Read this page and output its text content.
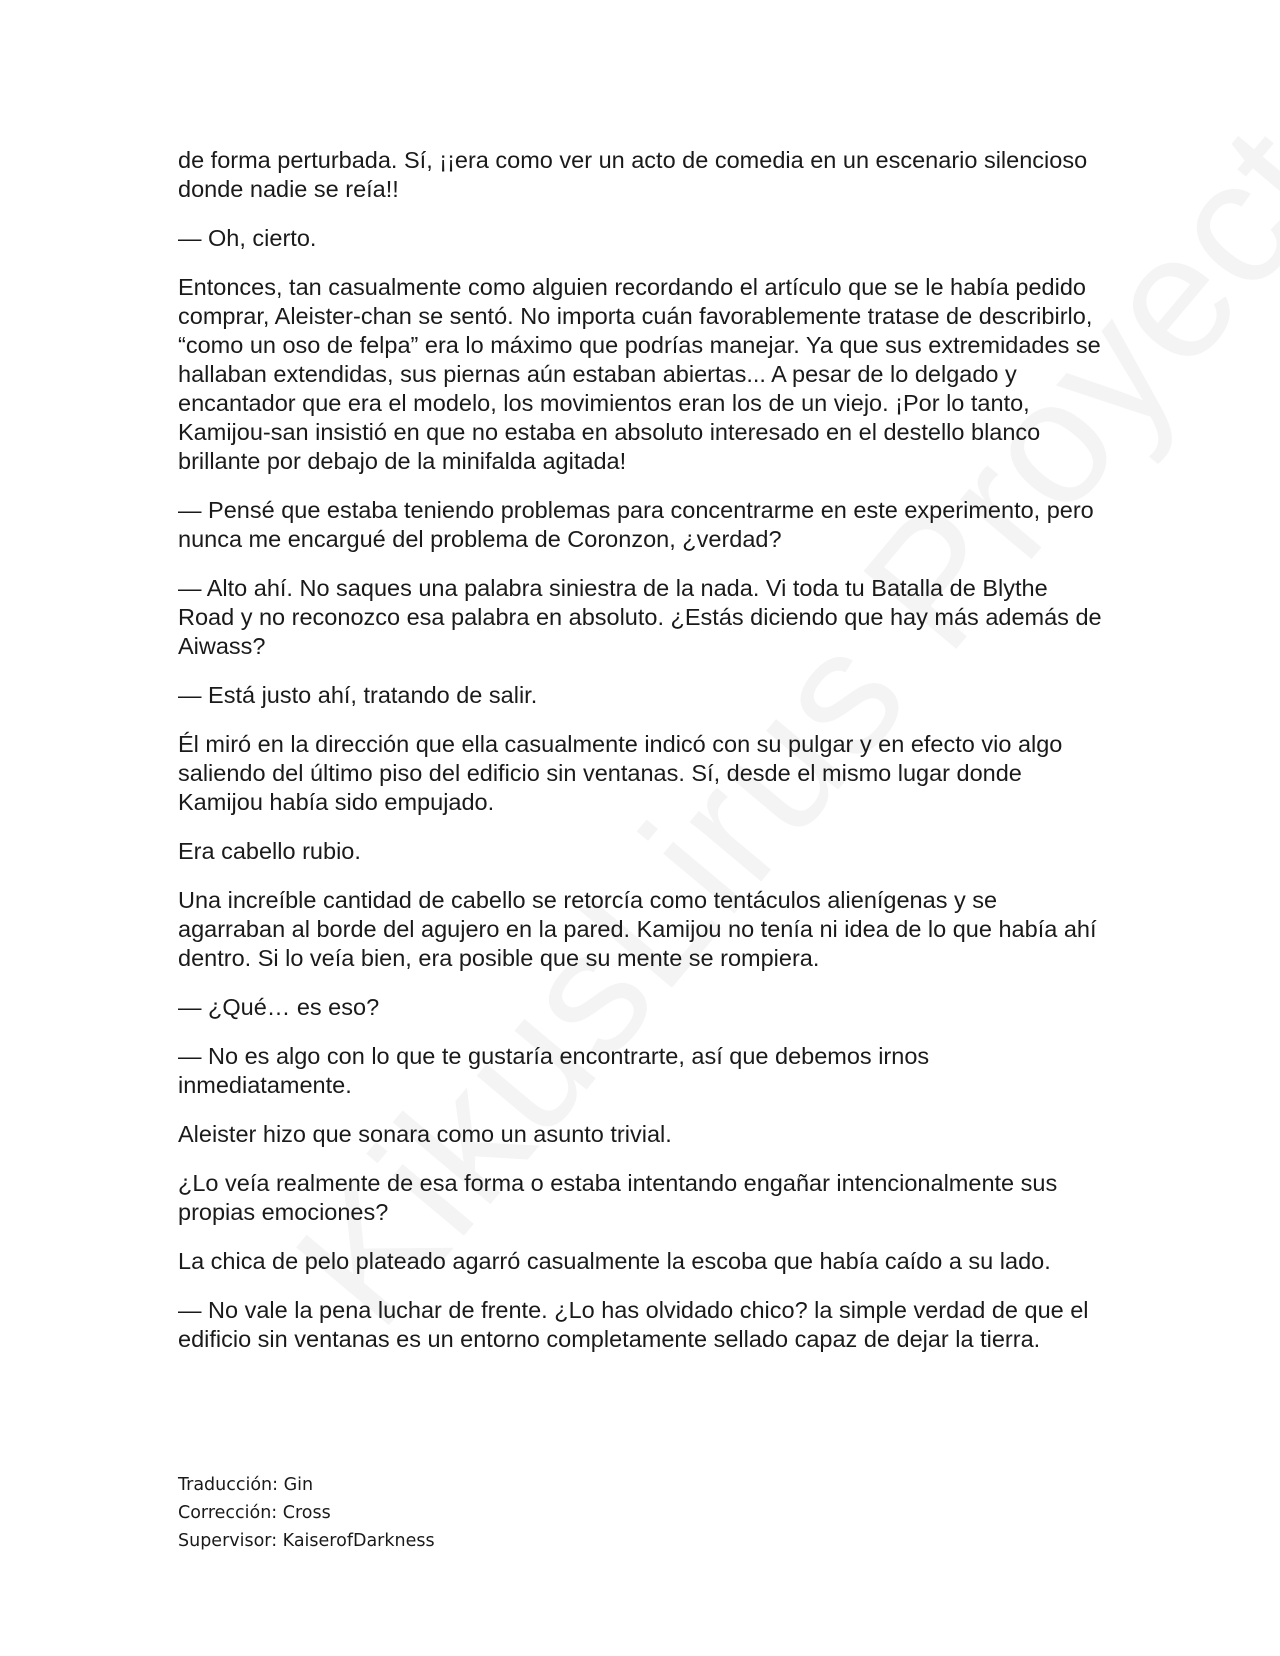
de forma perturbada. Sí, ¡¡era como ver un acto de comedia en un escenario silencioso donde nadie se reía!!

— Oh, cierto.

Entonces, tan casualmente como alguien recordando el artículo que se le había pedido comprar, Aleister-chan se sentó. No importa cuán favorablemente tratase de describirlo, “como un oso de felpa” era lo máximo que podrías manejar. Ya que sus extremidades se hallaban extendidas, sus piernas aún estaban abiertas... A pesar de lo delgado y encantador que era el modelo, los movimientos eran los de un viejo. ¡Por lo tanto, Kamijou-san insistió en que no estaba en absoluto interesado en el destello blanco brillante por debajo de la minifalda agitada!

— Pensé que estaba teniendo problemas para concentrarme en este experimento, pero nunca me encargué del problema de Coronzon, ¿verdad?

— Alto ahí. No saques una palabra siniestra de la nada. Vi toda tu Batalla de Blythe Road y no reconozco esa palabra en absoluto. ¿Estás diciendo que hay más además de Aiwass?

— Está justo ahí, tratando de salir.

Él miró en la dirección que ella casualmente indicó con su pulgar y en efecto vio algo saliendo del último piso del edificio sin ventanas. Sí, desde el mismo lugar donde Kamijou había sido empujado.

Era cabello rubio.

Una increíble cantidad de cabello se retorcía como tentáculos alienígenas y se agarraban al borde del agujero en la pared. Kamijou no tenía ni idea de lo que había ahí dentro. Si lo veía bien, era posible que su mente se rompiera.

— ¿Qué… es eso?

— No es algo con lo que te gustaría encontrarte, así que debemos irnos inmediatamente.

Aleister hizo que sonara como un asunto trivial.

¿Lo veía realmente de esa forma o estaba intentando engañar intencionalmente sus propias emociones?

La chica de pelo plateado agarró casualmente la escoba que había caído a su lado.

— No vale la pena luchar de frente. ¿Lo has olvidado chico? la simple verdad de que el edificio sin ventanas es un entorno completamente sellado capaz de dejar la tierra.

Traducción: Gin
Corrección: Cross
Supervisor: KaiserofDarkness
